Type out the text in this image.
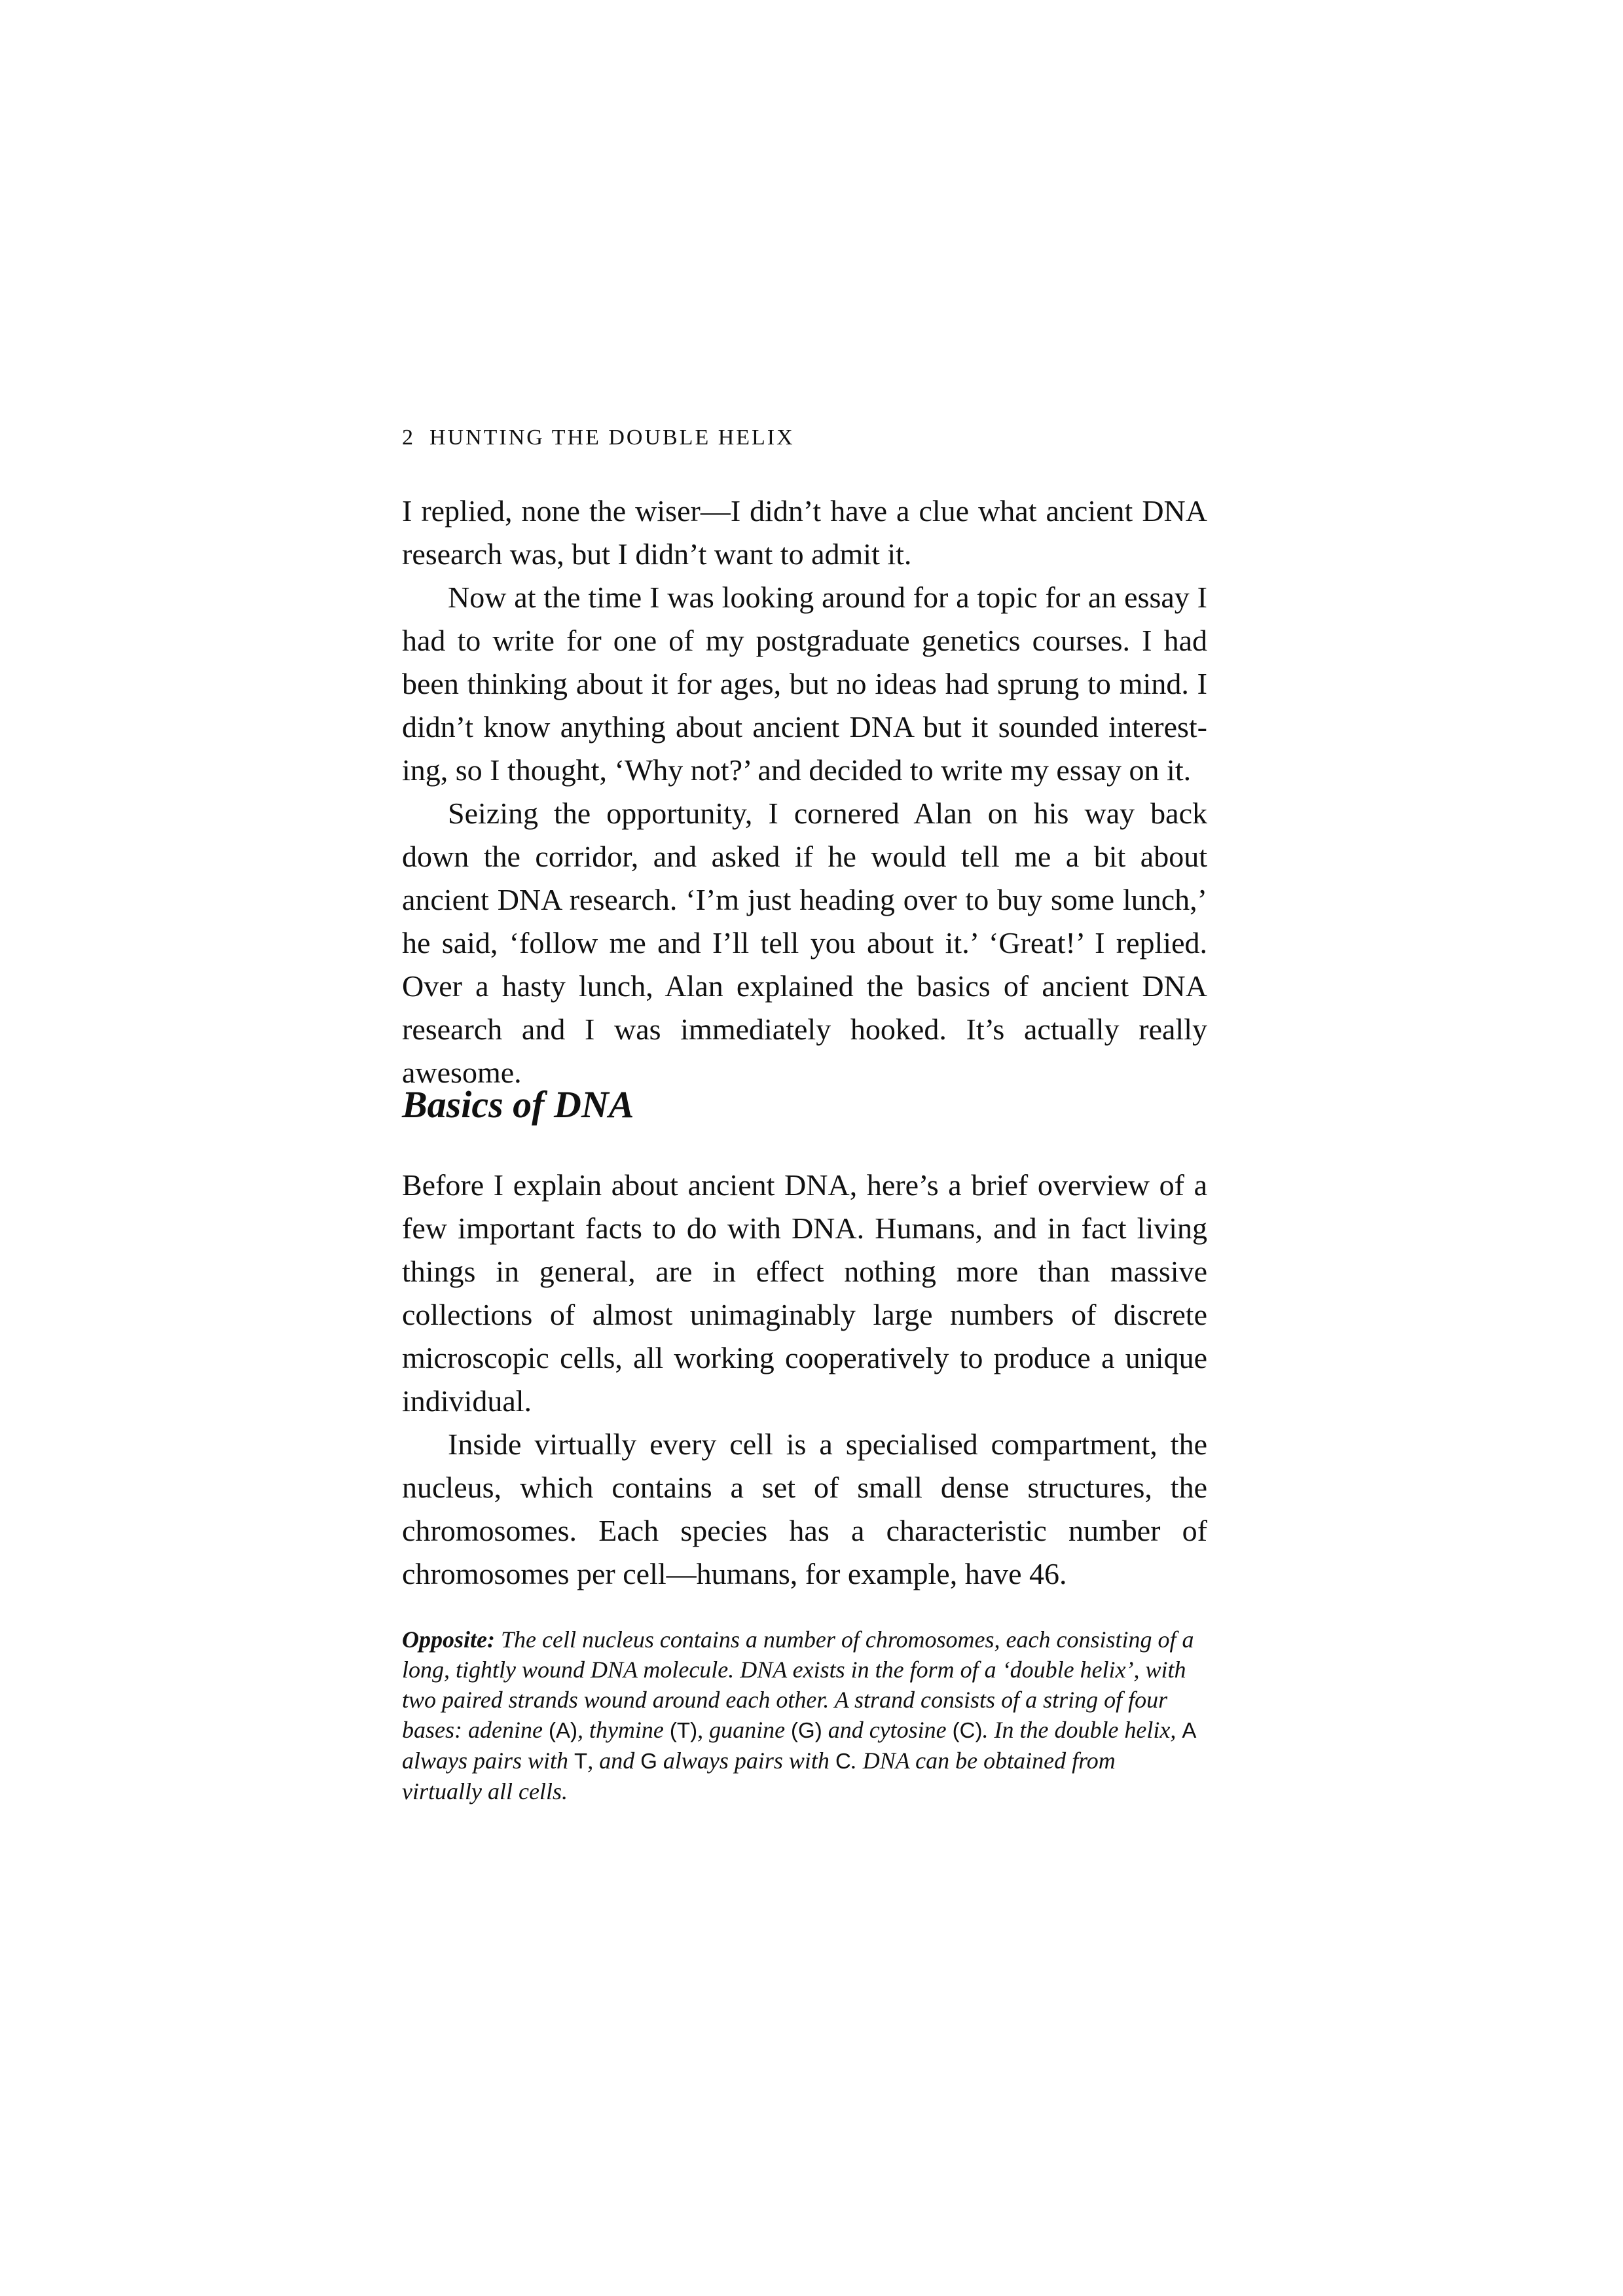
2 HUNTING THE DOUBLE HELIX

I replied, none the wiser—I didn’t have a clue what ancient DNA research was, but I didn’t want to admit it.

Now at the time I was looking around for a topic for an essay I had to write for one of my postgraduate genetics courses. I had been thinking about it for ages, but no ideas had sprung to mind. I didn’t know anything about ancient DNA but it sounded interesting, so I thought, ‘Why not?’ and decided to write my essay on it.

Seizing the opportunity, I cornered Alan on his way back down the corridor, and asked if he would tell me a bit about ancient DNA research. ‘I’m just heading over to buy some lunch,’ he said, ‘follow me and I’ll tell you about it.’ ‘Great!’ I replied. Over a hasty lunch, Alan explained the basics of ancient DNA research and I was immediately hooked. It’s actually really awesome.

Basics of DNA

Before I explain about ancient DNA, here’s a brief overview of a few important facts to do with DNA. Humans, and in fact living things in general, are in effect nothing more than massive collections of almost unimaginably large numbers of discrete microscopic cells, all working cooperatively to produce a unique individual.

Inside virtually every cell is a specialised compartment, the nucleus, which contains a set of small dense structures, the chromosomes. Each species has a characteristic number of chromosomes per cell—humans, for example, have 46.

Opposite: The cell nucleus contains a number of chromosomes, each consisting of a long, tightly wound DNA molecule. DNA exists in the form of a ‘double helix’, with two paired strands wound around each other. A strand consists of a string of four bases: adenine (A), thymine (T), guanine (G) and cytosine (C). In the double helix, A always pairs with T, and G always pairs with C. DNA can be obtained from virtually all cells.
